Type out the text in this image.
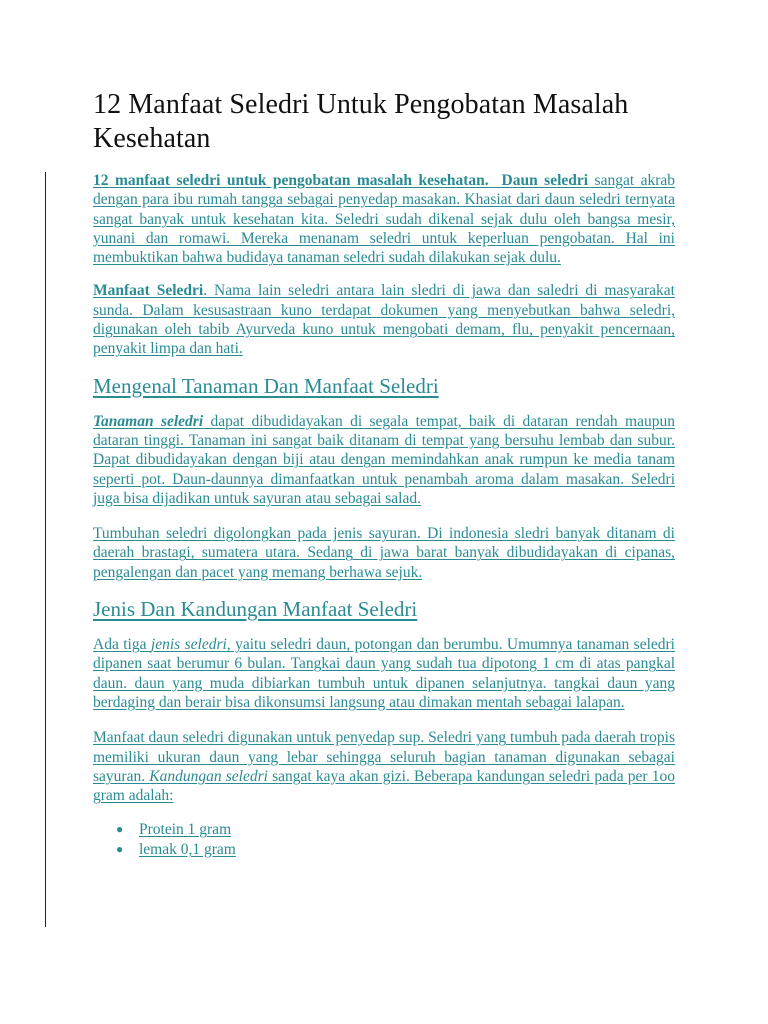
12 Manfaat Seledri Untuk Pengobatan Masalah Kesehatan

12 manfaat seledri untuk pengobatan masalah kesehatan. Daun seledri sangat akrab dengan para ibu rumah tangga sebagai penyedap masakan. Khasiat dari daun seledri ternyata sangat banyak untuk kesehatan kita. Seledri sudah dikenal sejak dulu oleh bangsa mesir, yunani dan romawi. Mereka menanam seledri untuk keperluan pengobatan. Hal ini membuktikan bahwa budidaya tanaman seledri sudah dilakukan sejak dulu.

Manfaat Seledri. Nama lain seledri antara lain sledri di jawa dan saledri di masyarakat sunda. Dalam kesusastraan kuno terdapat dokumen yang menyebutkan bahwa seledri, digunakan oleh tabib Ayurveda kuno untuk mengobati demam, flu, penyakit pencernaan, penyakit limpa dan hati.

Mengenal Tanaman Dan Manfaat Seledri

Tanaman seledri dapat dibudidayakan di segala tempat, baik di dataran rendah maupun dataran tinggi. Tanaman ini sangat baik ditanam di tempat yang bersuhu lembab dan subur. Dapat dibudidayakan dengan biji atau dengan memindahkan anak rumpun ke media tanam seperti pot. Daun-daunnya dimanfaatkan untuk penambah aroma dalam masakan. Seledri juga bisa dijadikan untuk sayuran atau sebagai salad.

Tumbuhan seledri digolongkan pada jenis sayuran. Di indonesia sledri banyak ditanam di daerah brastagi, sumatera utara. Sedang di jawa barat banyak dibudidayakan di cipanas, pengalengan dan pacet yang memang berhawa sejuk.

Jenis Dan Kandungan Manfaat Seledri

Ada tiga jenis seledri, yaitu seledri daun, potongan dan berumbu. Umumnya tanaman seledri dipanen saat berumur 6 bulan. Tangkai daun yang sudah tua dipotong 1 cm di atas pangkal daun. daun yang muda dibiarkan tumbuh untuk dipanen selanjutnya. tangkai daun yang berdaging dan berair bisa dikonsumsi langsung atau dimakan mentah sebagai lalapan.

Manfaat daun seledri digunakan untuk penyedap sup. Seledri yang tumbuh pada daerah tropis memiliki ukuran daun yang lebar sehingga seluruh bagian tanaman digunakan sebagai sayuran. Kandungan seledri sangat kaya akan gizi. Beberapa kandungan seledri pada per 1oo gram adalah:

● Protein 1 gram
● lemak 0,1 gram
